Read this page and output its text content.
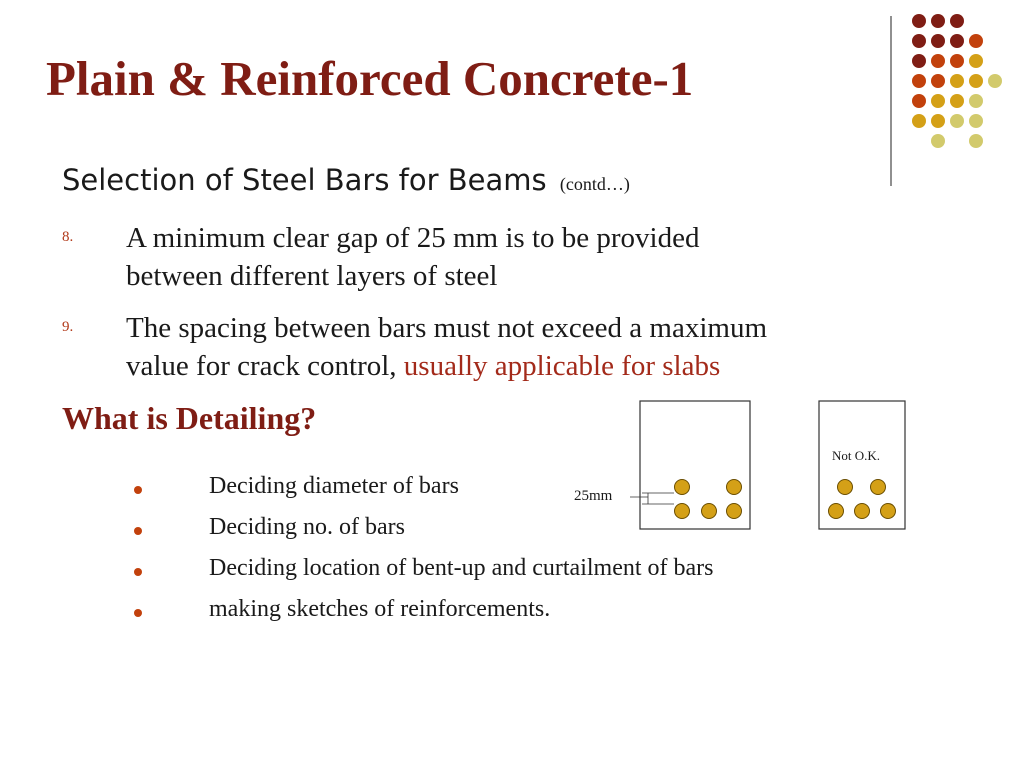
Plain & Reinforced Concrete-1
Selection of Steel Bars for Beams (contd…)
8. A minimum clear gap of 25 mm is to be provided
between different layers of steel
9. The spacing between bars must not exceed a maximum
value for crack control, usually applicable for slabs
What is Detailing?
Deciding diameter of bars
Deciding no. of bars
Deciding location of bent-up and curtailment of bars
making sketches of reinforcements.
25mm
Not O.K.
